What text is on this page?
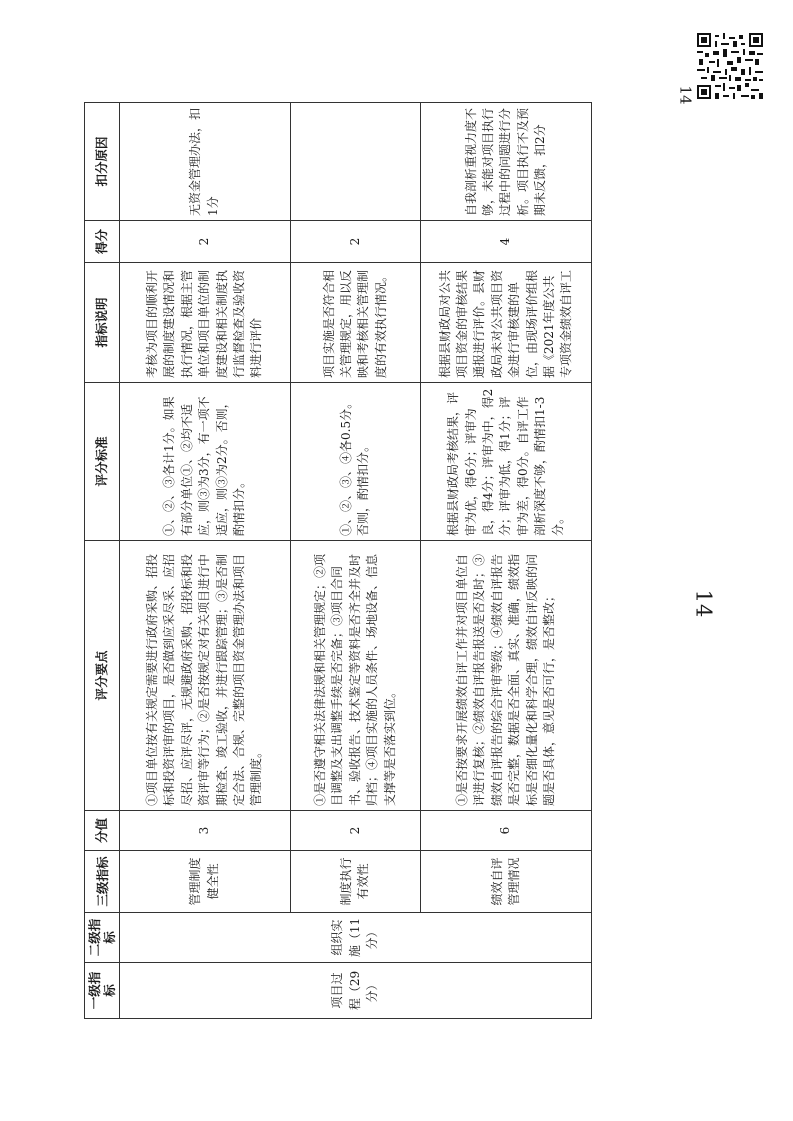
14
14
一级指标	二级指标	三级指标	分值	评分要点	评分标准	指标说明	得分	扣分原因
项目过程（29分）	组织实施（11分）	管理制度健全性	3	①项目单位按有关规定需要进行政府采购、招投标和投资评审的项目，是否做到应采尽采、应招尽招、应评尽评，无规避政府采购、招投标和投资评审等行为；②是否按规定对有关项目进行中期检查、竣工验收，并进行跟踪管理；③是否制定合法、合规、完整的项目资金管理办法和项目管理制度。	①、②、③各计1分。如果有部分单位①、②均不适应，则③为3分，有一项不适应，则③为2分。否则，酌情扣分。	考核为项目的顺利开展的制度建设情况和执行情况，根据主管单位和项目单位的制度建设和相关制度执行监督检查及验收资料进行评价	2	无资金管理办法，扣1分
		制度执行有效性	2	①是否遵守相关法律法规和相关管理规定；②项目调整及支出调整手续是否完备；③项目合同书、验收报告、技术鉴定等资料是否齐全并及时归档；④项目实施的人员条件、场地设备、信息支撑等是否落实到位。	①、②、③、④各0.5分。否则，酌情扣分。	项目实施是否符合相关管理规定，用以反映和考核相关管理制度的有效执行情况。	2	
		绩效自评管理情况	6	①是否按要求开展绩效自评工作并对项目单位自评进行复核；②绩效自评报告报送是否及时；③绩效自评报告的综合评审等级；④绩效自评报告是否完整，数据是否全面、真实、准确，绩效指标是否细化量化和科学合理，绩效自评反映的问题是否具体，意见是否可行，是否整改；	根据县财政局考核结果，评审为优，得6分；评审为良，得4分；评审为中，得2分；评审为低，得1分；评审为差，得0分。自评工作剖析深度不够，酌情扣1-3分。	根据县财政局对公共项目资金的审核结果通报进行评价。县财政局未对公共项目资金进行审核建的单位，由现场评价组根据《2021年度公共专项资金绩效自评工	4	自我剖析重视力度不够，未能对项目执行过程中的问题进行分析。项目执行不及预期未反馈，扣2分
